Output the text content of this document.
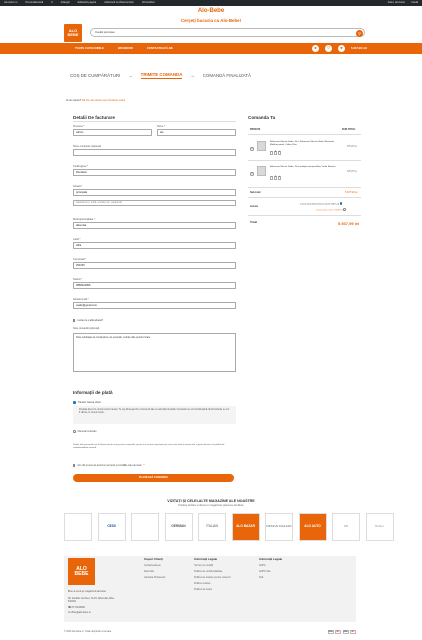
Alo-bebe.ro	Personalizează	0	Adaugă	Editează pagina	Addresell ca Weemember	WooAddon	Salut, alo-bebe Caută
Alo-Bebe
Cerșeți bucuria cu Alo-Bebe!
ALO
BEBE
Caută produse	⚲
TOATE CATEGORIILE	BRANDURI	CONTACTEAZĂ-NE	☻	♡	★	5.937,99 LEI
COȘ DE CUMPĂRĂTURI → TRIMITE COMANDA → COMANDĂ FINALIZATĂ
Ai un cupon? Dă clic aici pentru a-ți introduce codul
Detalii De facturare
Prenume *
Admin
Nume *
alo
Nume companie (opțional)
Țară/regiune *
România
Adresă *
principala
Apartament, suită, unitate etc. (opțional)
Municipiu/localitate *
alba iulia
Județ *
Alba
Cod poștal *
251025
Telefon *
0868224956
Adresă email *
vasile@gmail.com
Livrare la o altă adresă?
Note comandă (opțional)
Note referitoare la comanda ta, de exemplu, cerințe utile pentru livrare.
Informații de plată
Transfer bancar direct
Fă plata direct în contul nostru bancar. Te rog folosește ID-ul comenzii tale ca referință de plată. Comanda nu va fi livrată până când fondurile nu vor fi văzute în contul nostru.
Numerar la livrare
Datele tale personale vor fi folosite pentru a-ți procesa comanda, pentru a-ți susține experiența pe acest site web și pentru alte scopuri descrise în politică de confidențialitate noastră.
Am citit și sunt de acord cu termenii și condițiile site-ului web *
PLASEAZĂ COMANDA
Comanda Ta
PRODUS	SUB-TOTAL
×
Balansoar Electric Bebe, 3în1, Balansoar Electric Bebe, Bluetooth, Multifuncțional, Coffee Print
-	1	+
975,87 lei
×
Balansoar Electric Bebe, 3în1 multiple funcționalități, Verde Mentios
-	1	+
975,87 lei
Sub-total	5.937,99 lei
Livrare
Livrare gratuită (Comenzi peste 250 Lei)
Livrare prin curier: 79,99 lei
Total	5.937,99 lei
VIZITAȚI ȘI CELELALTE MAGAZINE ALE NOASTRE
Produse similare și diverse în magazinele partenere Alo-Bebe
CESII	GERMAN	ITALIAN	ALO BAZAR	DESIGN ITALIAN	ALO AUTO	DH	Babies
ALO
BEBE
Bine ai venit pe magazinul alo-bebe.
Str. Emilian Cerchez, Nr.19, Alba Iulia, Alba, 510001
☎ 0771243200
✉ office@alo-bebe.ro
Suport Clienți
Contactează-ne
Returnări
Garanția Produselor
Informații Legale
Termeni și condiții
Politica de confidențialitate
Politica de anulare pentru comenzi
Politica cookies
Politica de livrare
Informații Legale
ANPC
ANPC SAL
SOL
© 2024 Alo-bebe.ro. Toate drepturile rezervate.	VISA	MC	VISA	MC
